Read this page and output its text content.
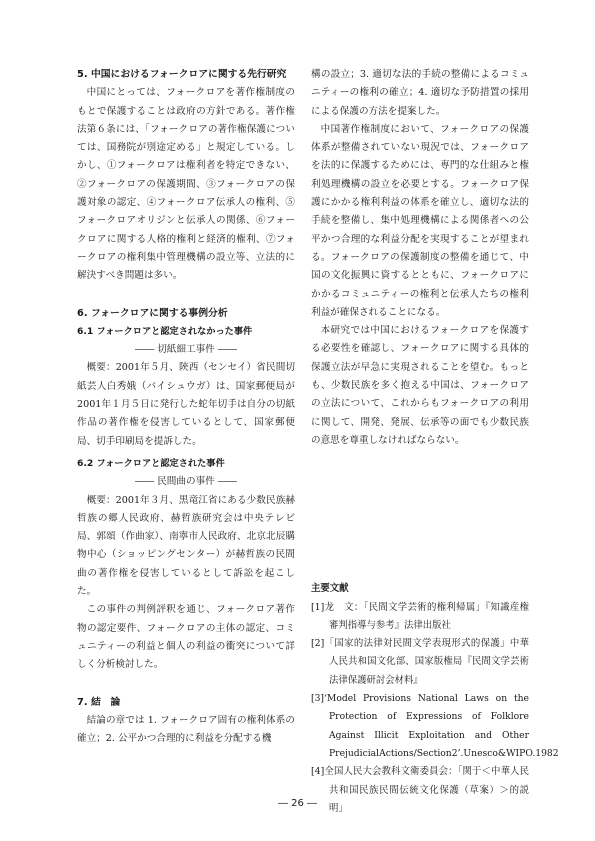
5. 中国におけるフォークロアに関する先行研究

中国にとっては、フォークロアを著作権制度のもとで保護することは政府の方針である。著作権法第６条には、「フォークロアの著作権保護については、国務院が別途定める」と規定している。しかし、①フォークロアは権利者を特定できない、②フォークロアの保護期間、③フォークロアの保護対象の認定、④フォークロア伝承人の権利、⑤フォークロアオリジンと伝承人の関係、⑥フォークロアに関する人格的権利と経済的権利、⑦フォークロアの権利集中管理機構の設立等、立法的に解決すべき問題は多い。

6. フォークロアに関する事例分析

6.1 フォークロアと認定されなかった事件

―― 切紙細工事件 ――

概要：2001年５月、陝西（センセイ）省民間切紙芸人白秀娥（バイシュウガ）は、国家郵便局が2001年１月５日に発行した蛇年切手は自分の切紙作品の著作権を侵害しているとして、国家郵便局、切手印刷局を提訴した。

6.2 フォークロアと認定された事件

―― 民間曲の事件 ――

概要：2001年３月、黒竜江省にある少数民族赫哲族の郷人民政府、赫哲族研究会は中央テレビ局、郭頌（作曲家）、南寧市人民政府、北京北辰購物中心（ショッピングセンター）が赫哲族の民間曲の著作権を侵害しているとして訴訟を起こした。

この事件の判例評釈を通じ、フォークロア著作物の認定要件、フォークロアの主体の認定、コミュニティーの利益と個人の利益の衝突について詳しく分析検討した。

7. 結　論

結論の章では 1. フォークロア固有の権利体系の確立；2. 公平かつ合理的に利益を分配する機

構の設立；3. 適切な法的手続の整備によるコミュニティーの権利の確立；4. 適切な予防措置の採用による保護の方法を提案した。

中国著作権制度において、フォークロアの保護体系が整備されていない現況では、フォークロアを法的に保護するためには、専門的な仕組みと権利処理機構の設立を必要とする。フォークロア保護にかかる権利利益の体系を確立し、適切な法的手続を整備し、集中処理機構による関係者への公平かつ合理的な利益分配を実現することが望まれる。フォークロアの保護制度の整備を通じて、中国の文化振興に資するとともに、フォークロアにかかるコミュニティーの権利と伝承人たちの権利利益が確保されることになる。

本研究では中国におけるフォークロアを保護する必要性を確認し、フォークロアに関する具体的保護立法が早急に実現されることを望む。もっとも、少数民族を多く抱える中国は、フォークロアの立法について、これからもフォークロアの利用に関して、開発、発展、伝承等の面でも少数民族の意思を尊重しなければならない。

主要文献

[1]龙　文：「民間文学芸術的権利帰属」『知識産権審判指導与参考』法律出版社

[2]「国家的法律対民間文学表現形式的保護」中華人民共和国文化部、国家版権局『民間文学芸術法律保護研討会材料』

[3]‘Model Provisions National Laws on the Protection of Expressions of Folklore Against Illicit Exploitation and Other PrejudicialActions/Section2’.Unesco&WIPO.1982

[4]全国人民大会教科文衛委員会：「関于＜中華人民共和国民族民間伝統文化保護（草案）＞的説明」

― 26 ―
